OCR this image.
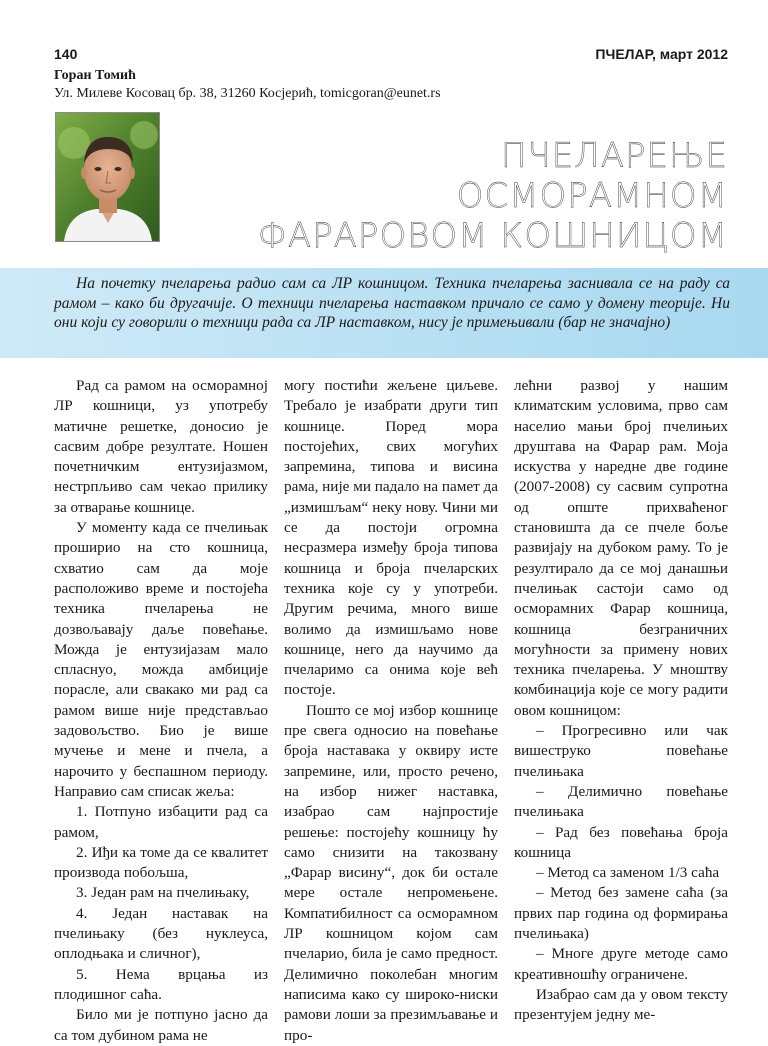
140	ПЧЕЛАР, март 2012
Горан Томић
Ул. Милеве Косовац бр. 38, 31260 Косјерић, tomicgoran@eunet.rs
ПЧЕЛАРЕЊЕ
ОСМОРАМНОМ
ФАРАРОВОМ КОШНИЦОМ
На почетку пчеларења радио сам са ЛР кошницом. Техника пчеларења заснивала се на раду са рамом – како би другачије. О техници пчеларења наставком причало се само у домену теорије. Ни они који су говорили о техници рада са ЛР наставком, нису је примењивали (бар не значајно)

Рад са рамом на осморамној ЛР кошници, уз употребу матичне решетке, доносио је сасвим добре резултате. Ношен почетничким ентузијазмом, нестрпљиво сам чекао прилику за отварање кошнице.

У моменту када се пчелињак проширио на сто кошница, схватио сам да моје расположиво време и постојећа техника пчеларења не дозвољавају даље повећање. Можда је ентузијазам мало спласнуо, можда амбиције порасле, али свакако ми рад са рамом више није представљао задовољство. Био је више мучење и мене и пчела, а нарочито у беспашном периоду. Направио сам списак жеља:

1. Потпуно избацити рад са рамом,

2. Иђи ка томе да се квалитет производа побољша,

3. Један рам на пчелињаку,

4. Један наставак на пчелињаку (без нуклеуса, оплодњака и сличног),

5. Нема врцања из плодишног саћа.

Било ми је потпуно јасно да са том дубином рама не

могу постићи жељене циљеве. Требало је изабрати други тип кошнице. Поред мора постојећих, свих могућих запремина, типова и висина рама, није ми падало на памет да „измишљам“ неку нову. Чини ми се да постоји огромна несразмера између броја типова кошница и броја пчеларских техника које су у употреби. Другим речима, много више волимо да измишљамо нове кошнице, него да научимо да пчеларимо са онима које већ постоје.

Пошто се мој избор кошнице пре свега односио на повећање броја наставака у оквиру исте запремине, или, просто речено, на избор нижег наставка, изабрао сам најпростије решење: постојећу кошницу ћу само снизити на такозвану „Фарар висину“, док би остале мере остале непромењене. Компатибилност са осморамном ЛР кошницом којом сам пчеларио, била је само предност. Делимично поколебан многим написима како су широко-ниски рамови лоши за презимљавање и про-

лећни развој у нашим климатским условима, прво сам населио мањи број пчелињих друштава на Фарар рам. Моја искуства у наредне две године (2007-2008) су сасвим супротна од опште прихваћеног становишта да се пчеле боље развијају на дубоком раму. То је резултирало да се мој данашњи пчелињак састоји само од осморамних Фарар кошница, кошница безграничних могућности за примену нових техника пчеларења. У мноштву комбинација које се могу радити овом кошницом:

– Прогресивно или чак вишеструко повећање пчелињака

– Делимично повећање пчелињака

– Рад без повећања броја кошница

– Метод са заменом 1/3 саћа

– Метод без замене саћа (за првих пар година од формирања пчелињака)

– Многе друге методе само креативношћу ограничене.

Изабрао сам да у овом тексту презентујем једну ме-
